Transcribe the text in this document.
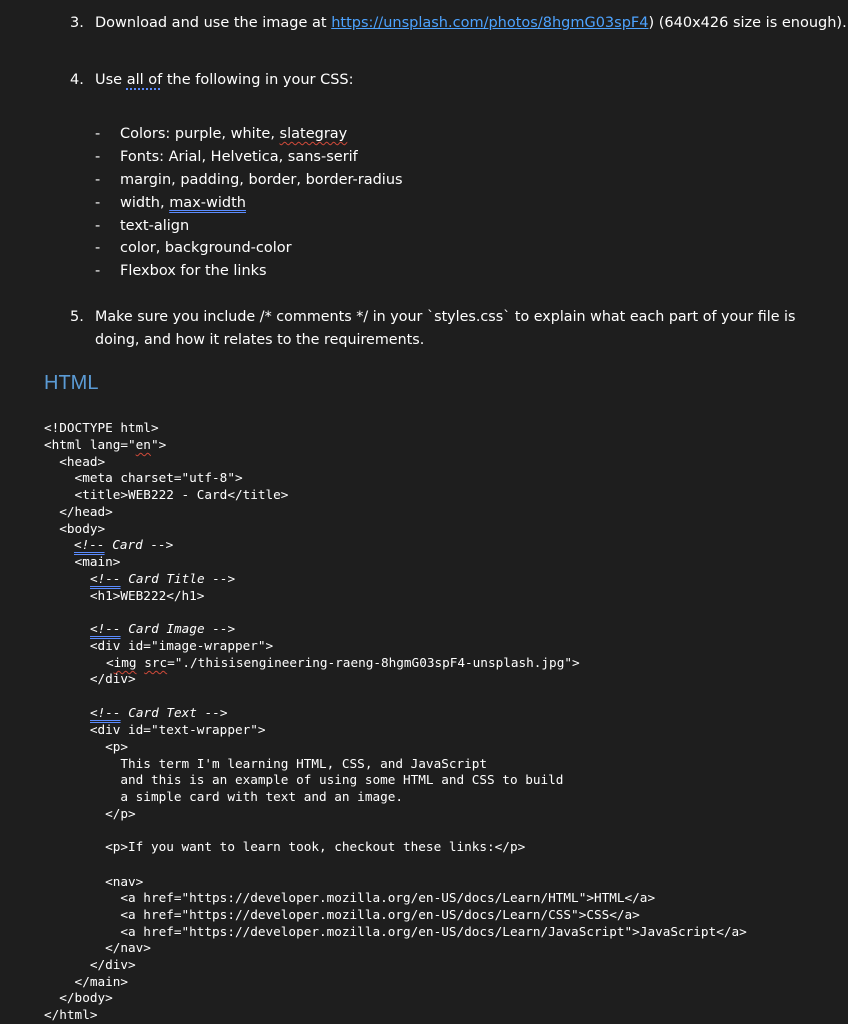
3. Download and use the image at https://unsplash.com/photos/8hgmG03spF4) (640x426 size is enough).
4. Use all of the following in your CSS:
- Colors: purple, white, slategray
- Fonts: Arial, Helvetica, sans-serif
- margin, padding, border, border-radius
- width, max-width
- text-align
- color, background-color
- Flexbox for the links
5. Make sure you include /* comments */ in your `styles.css` to explain what each part of your file is
doing, and how it relates to the requirements.
HTML
<!DOCTYPE html>
<html lang="en">
<head>
<meta charset="utf-8">
<title>WEB222 - Card</title>
</head>
<body>
<!-- Card -->
<main>
<!-- Card Title -->
<h1>WEB222</h1>
<!-- Card Image -->
<div id="image-wrapper">
<img src="./thisisengineering-raeng-8hgmG03spF4-unsplash.jpg">
</div>
<!-- Card Text -->
<div id="text-wrapper">
<p>
This term I'm learning HTML, CSS, and JavaScript
and this is an example of using some HTML and CSS to build
a simple card with text and an image.
</p>
<p>If you want to learn took, checkout these links:</p>
<nav>
<a href="https://developer.mozilla.org/en-US/docs/Learn/HTML">HTML</a>
<a href="https://developer.mozilla.org/en-US/docs/Learn/CSS">CSS</a>
<a href="https://developer.mozilla.org/en-US/docs/Learn/JavaScript">JavaScript</a>
</nav>
</div>
</main>
</body>
</html>
